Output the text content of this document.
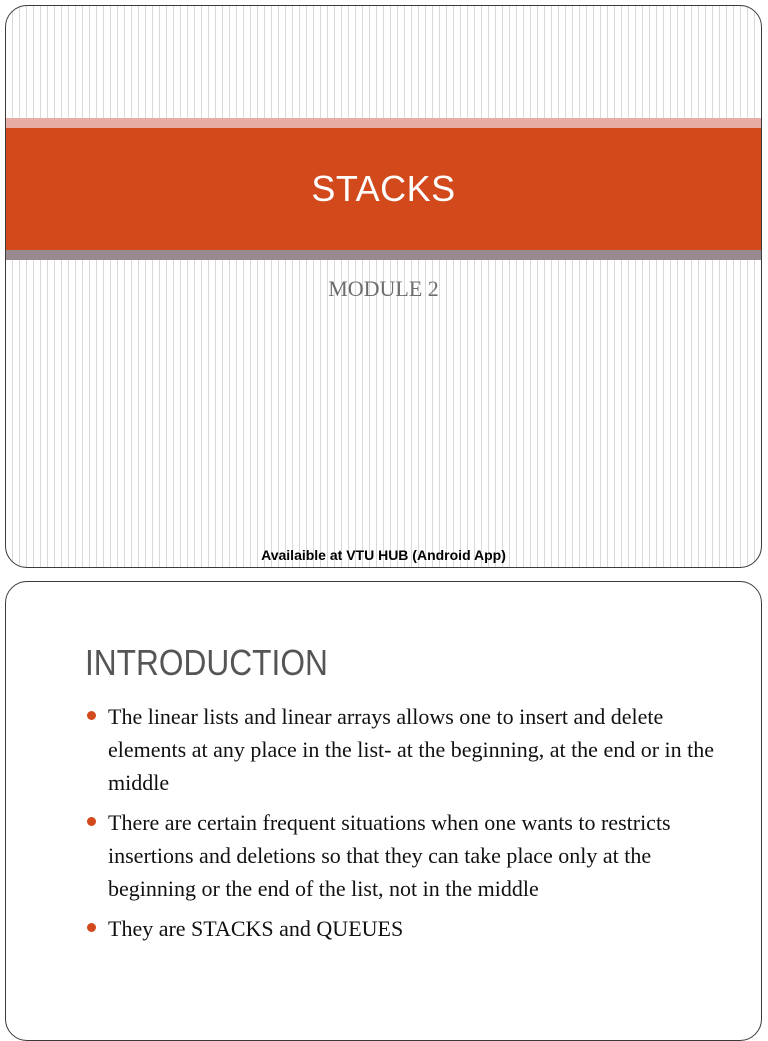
STACKS
MODULE 2
Availaible at VTU HUB (Android App)
INTRODUCTION
The linear lists and linear arrays allows one to insert and delete elements at any place in the list- at the beginning, at the end or in the middle
There are certain frequent situations when one wants to restricts insertions and deletions so that they can take place only at the beginning or the end of the list, not in the middle
They are STACKS and QUEUES
